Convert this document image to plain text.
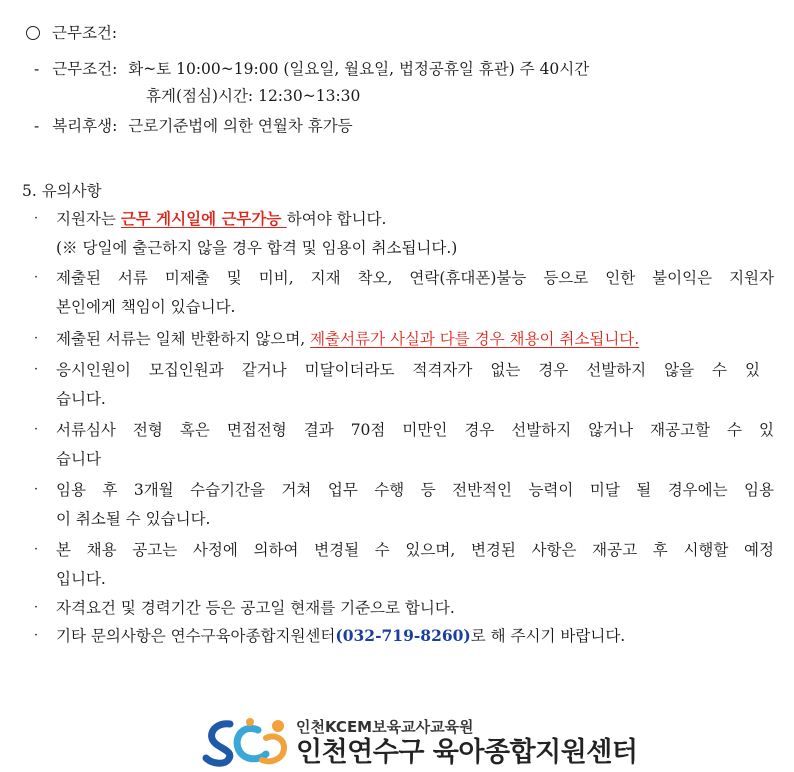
근무조건:
- 근무조건: 화~토 10:00~19:00 (일요일, 월요일, 법정공휴일 휴관) 주 40시간
휴게(점심)시간: 12:30~13:30
- 복리후생: 근로기준법에 의한 연월차 휴가등
5. 유의사항
· 지원자는 근무 게시일에 근무가능 하여야 합니다.
(※ 당일에 출근하지 않을 경우 합격 및 임용이 취소됩니다.)
· 제출된 서류 미제출 및 미비, 지재 착오, 연락(휴대폰)불능 등으로 인한 불이익은 지원자
본인에게 책임이 있습니다.
· 제출된 서류는 일체 반환하지 않으며, 제출서류가 사실과 다를 경우 채용이 취소됩니다.
· 응시인원이 모집인원과 같거나 미달이더라도 적격자가 없는 경우 선발하지 않을 수 있
습니다.
· 서류심사 전형 혹은 면접전형 결과 70점 미만인 경우 선발하지 않거나 재공고할 수 있
습니다
· 임용 후 3개월 수습기간을 거쳐 업무 수행 등 전반적인 능력이 미달 될 경우에는 임용
이 취소될 수 있습니다.
· 본 채용 공고는 사정에 의하여 변경될 수 있으며, 변경된 사항은 재공고 후 시행할 예정
입니다.
· 자격요건 및 경력기간 등은 공고일 현재를 기준으로 합니다.
· 기타 문의사항은 연수구육아종합지원센터(032-719-8260)로 해 주시기 바랍니다.
인천KCEM보육교사교육원
인천연수구 육아종합지원센터
